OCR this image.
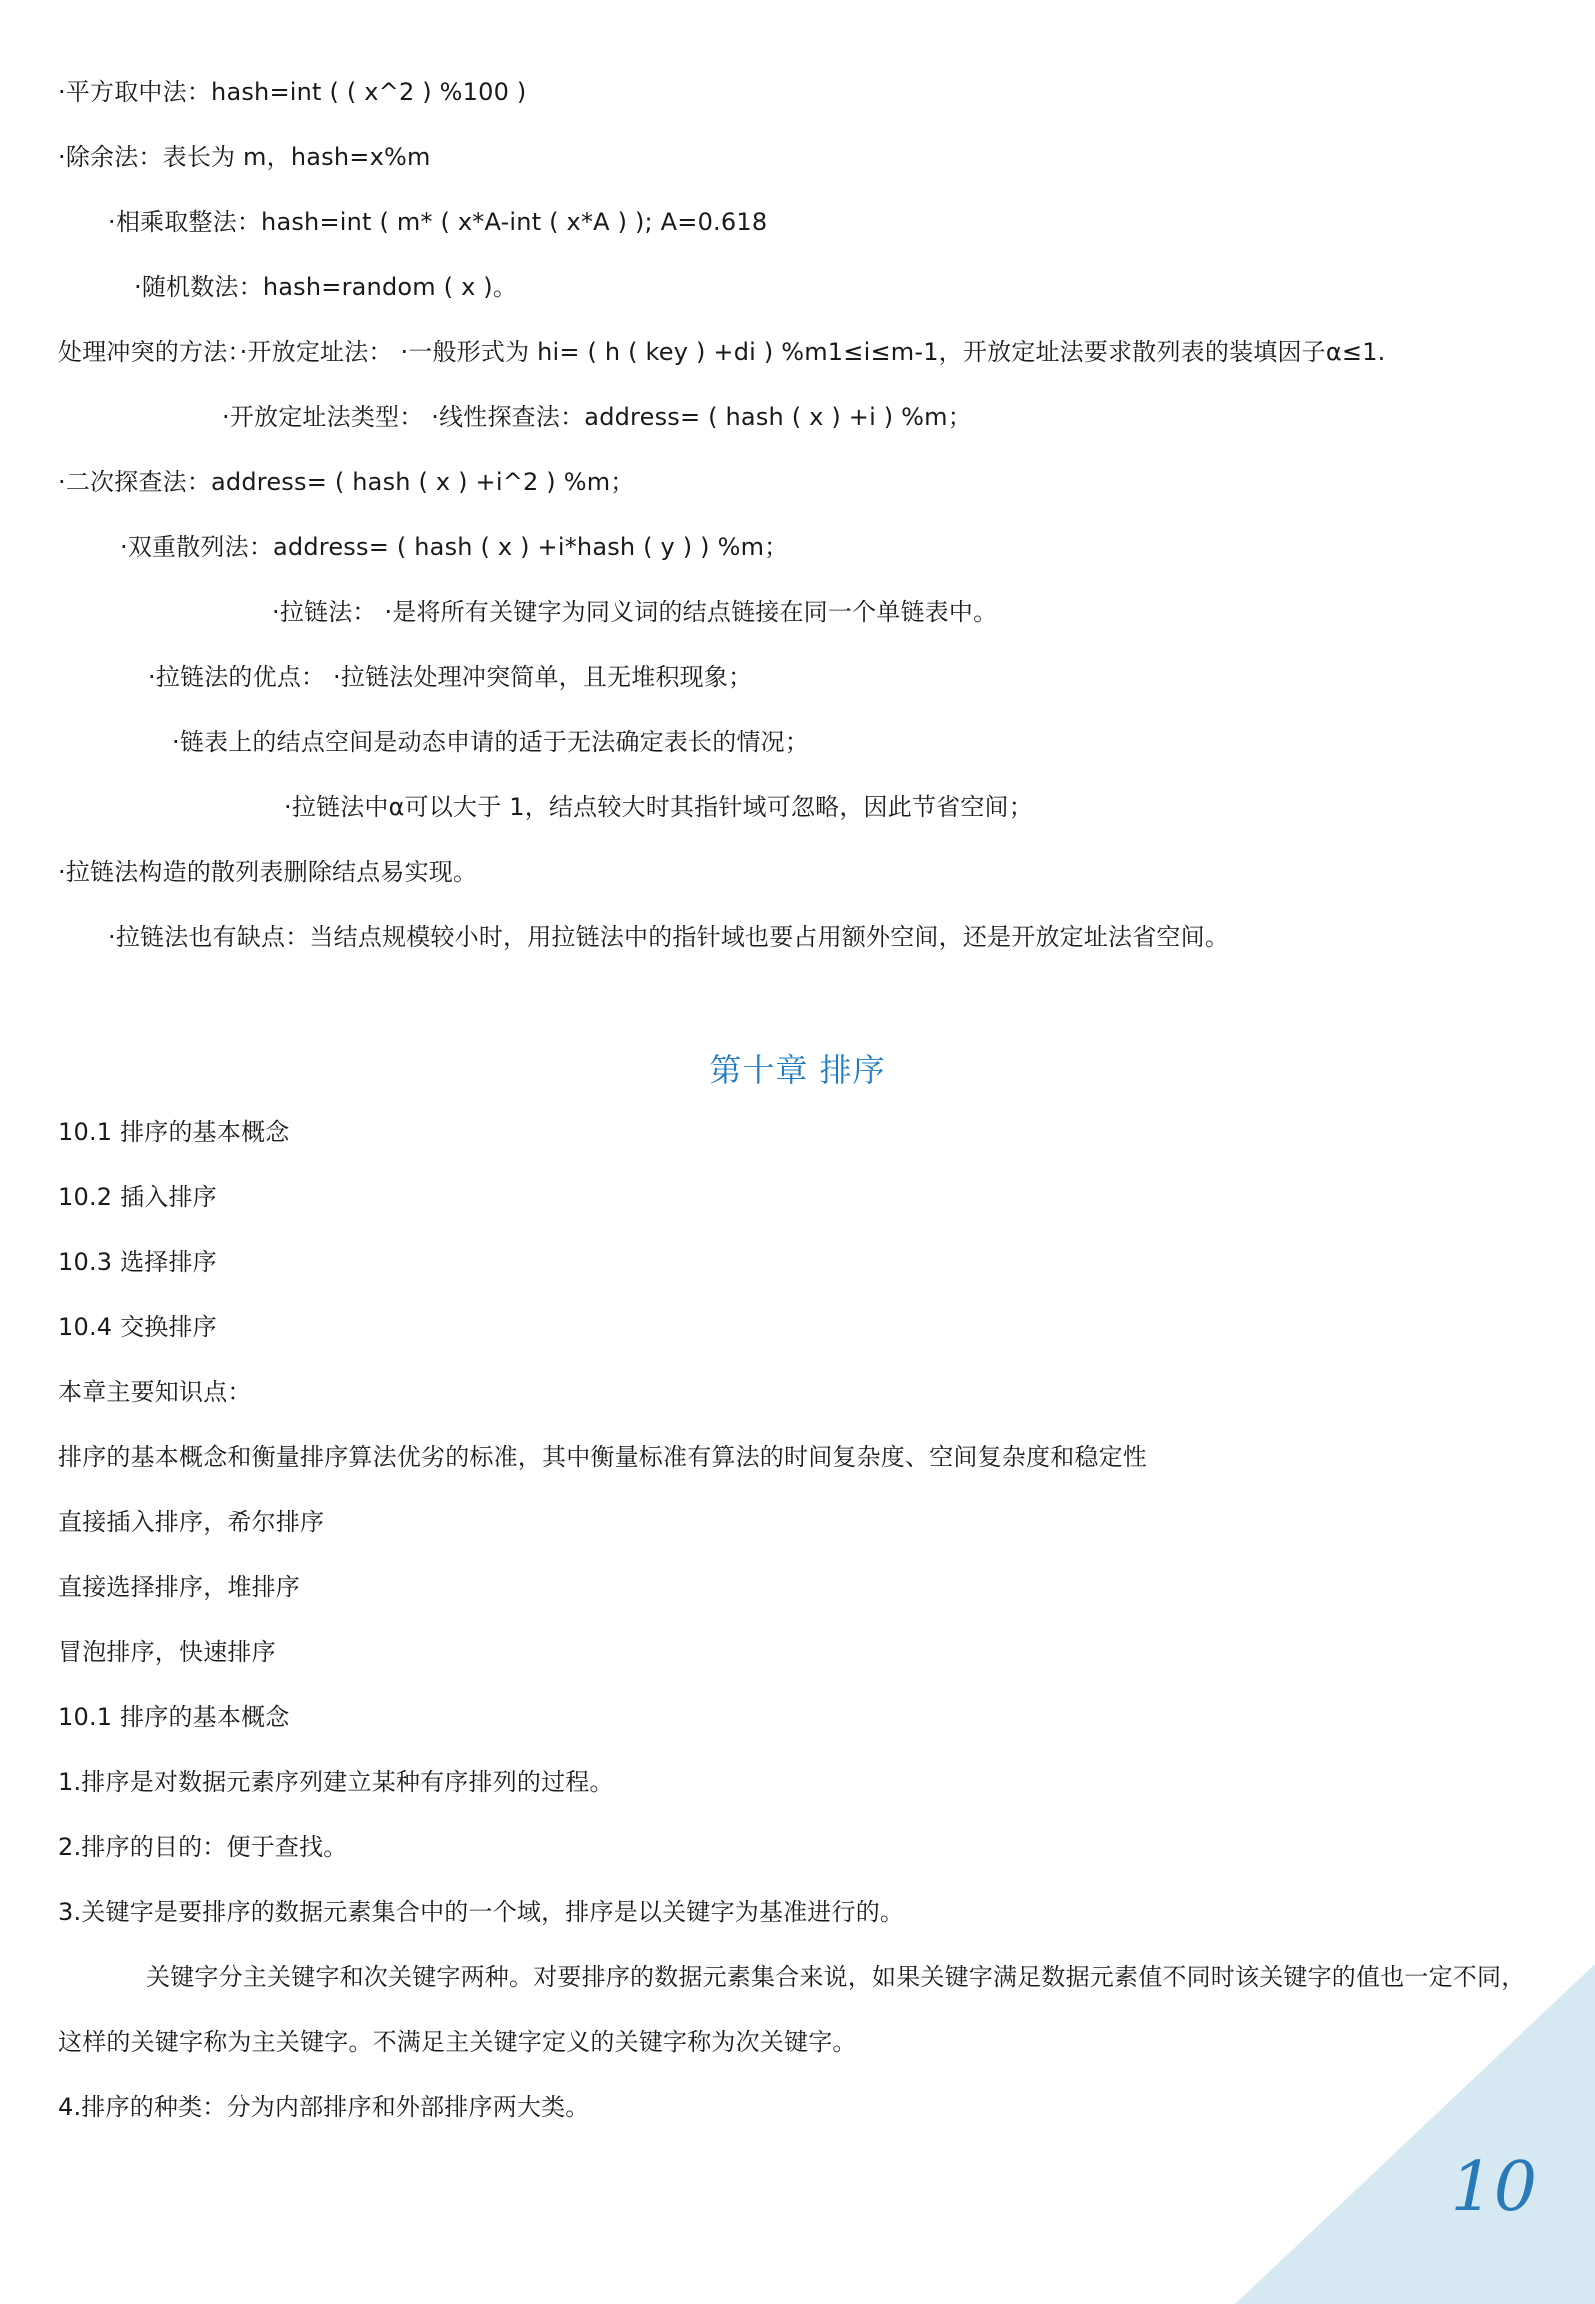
·平方取中法：hash=int ( ( x^2 ) %100 )
·除余法：表长为 m，hash=x%m
·相乘取整法：hash=int ( m* ( x*A-int ( x*A ) ); A=0.618
·随机数法：hash=random ( x )。
处理冲突的方法：·开放定址法： ·一般形式为 hi= ( h ( key ) +di ) %m1≤i≤m-1，开放定址法要求散列表的装填因子α≤1.
·开放定址法类型： ·线性探查法：address= ( hash ( x ) +i ) %m；
·二次探查法：address= ( hash ( x ) +i^2 ) %m；
·双重散列法：address= ( hash ( x ) +i*hash ( y ) ) %m；
·拉链法： ·是将所有关键字为同义词的结点链接在同一个单链表中。
·拉链法的优点： ·拉链法处理冲突简单，且无堆积现象；
·链表上的结点空间是动态申请的适于无法确定表长的情况；
·拉链法中α可以大于 1，结点较大时其指针域可忽略，因此节省空间；
·拉链法构造的散列表删除结点易实现。
·拉链法也有缺点：当结点规模较小时，用拉链法中的指针域也要占用额外空间，还是开放定址法省空间。
第十章 排序
10.1 排序的基本概念
10.2 插入排序
10.3 选择排序
10.4 交换排序
本章主要知识点：
排序的基本概念和衡量排序算法优劣的标准，其中衡量标准有算法的时间复杂度、空间复杂度和稳定性
直接插入排序，希尔排序
直接选择排序，堆排序
冒泡排序，快速排序
10.1 排序的基本概念
1.排序是对数据元素序列建立某种有序排列的过程。
2.排序的目的：便于查找。
3.关键字是要排序的数据元素集合中的一个域，排序是以关键字为基准进行的。
关键字分主关键字和次关键字两种。对要排序的数据元素集合来说，如果关键字满足数据元素值不同时该关键字的值也一定不同，
这样的关键字称为主关键字。不满足主关键字定义的关键字称为次关键字。
4.排序的种类：分为内部排序和外部排序两大类。
10
